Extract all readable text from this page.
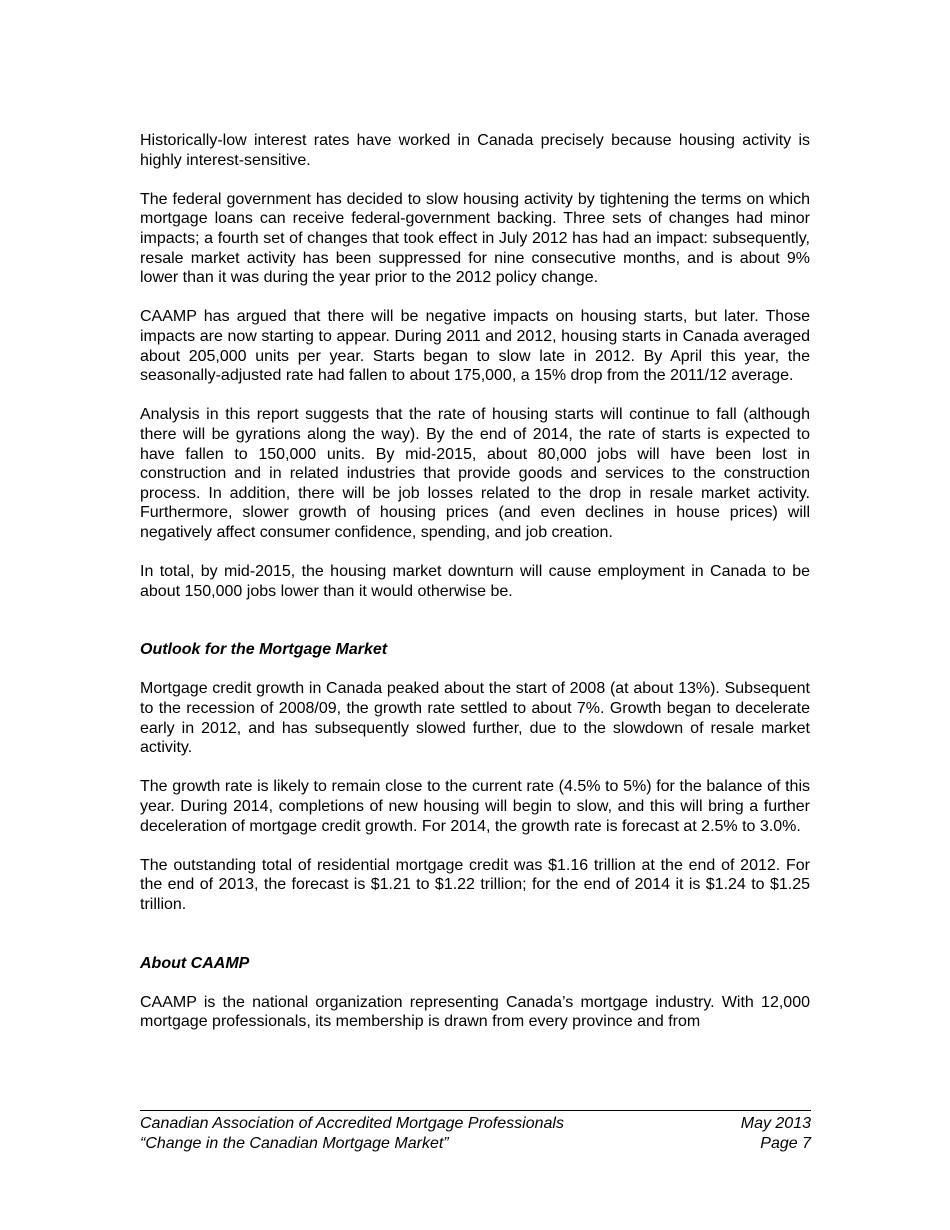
Historically-low interest rates have worked in Canada precisely because housing activity is highly interest-sensitive.

The federal government has decided to slow housing activity by tightening the terms on which mortgage loans can receive federal-government backing. Three sets of changes had minor impacts; a fourth set of changes that took effect in July 2012 has had an impact: subsequently, resale market activity has been suppressed for nine consecutive months, and is about 9% lower than it was during the year prior to the 2012 policy change.

CAAMP has argued that there will be negative impacts on housing starts, but later. Those impacts are now starting to appear. During 2011 and 2012, housing starts in Canada averaged about 205,000 units per year. Starts began to slow late in 2012. By April this year, the seasonally-adjusted rate had fallen to about 175,000, a 15% drop from the 2011/12 average.

Analysis in this report suggests that the rate of housing starts will continue to fall (although there will be gyrations along the way). By the end of 2014, the rate of starts is expected to have fallen to 150,000 units. By mid-2015, about 80,000 jobs will have been lost in construction and in related industries that provide goods and services to the construction process. In addition, there will be job losses related to the drop in resale market activity. Furthermore, slower growth of housing prices (and even declines in house prices) will negatively affect consumer confidence, spending, and job creation.

In total, by mid-2015, the housing market downturn will cause employment in Canada to be about 150,000 jobs lower than it would otherwise be.

Outlook for the Mortgage Market

Mortgage credit growth in Canada peaked about the start of 2008 (at about 13%). Subsequent to the recession of 2008/09, the growth rate settled to about 7%. Growth began to decelerate early in 2012, and has subsequently slowed further, due to the slowdown of resale market activity.

The growth rate is likely to remain close to the current rate (4.5% to 5%) for the balance of this year. During 2014, completions of new housing will begin to slow, and this will bring a further deceleration of mortgage credit growth. For 2014, the growth rate is forecast at 2.5% to 3.0%.

The outstanding total of residential mortgage credit was $1.16 trillion at the end of 2012. For the end of 2013, the forecast is $1.21 to $1.22 trillion; for the end of 2014 it is $1.24 to $1.25 trillion.

About CAAMP

CAAMP is the national organization representing Canada’s mortgage industry. With 12,000 mortgage professionals, its membership is drawn from every province and from

Canadian Association of Accredited Mortgage Professionals	May 2013
“Change in the Canadian Mortgage Market”	Page 7
